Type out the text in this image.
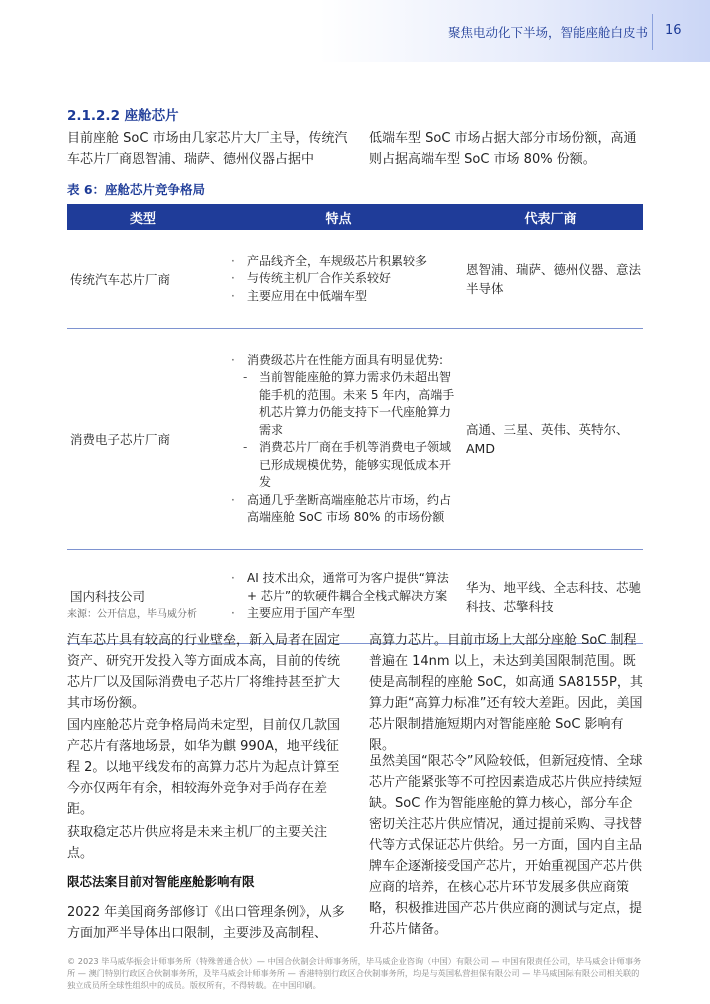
聚焦电动化下半场，智能座舱白皮书 16
2.1.2.2 座舱芯片

目前座舱 SoC 市场由几家芯片大厂主导，传统汽车芯片厂商恩智浦、瑞萨、德州仪器占据中

低端车型 SoC 市场占据大部分市场份额，高通则占据高端车型 SoC 市场 80% 份额。

表 6：座舱芯片竞争格局
类型	特点	代表厂商
传统汽车芯片厂商
· 产品线齐全，车规级芯片积累较多
· 与传统主机厂合作关系较好
· 主要应用在中低端车型
恩智浦、瑞萨、德州仪器、意法半导体
消费电子芯片厂商
· 消费级芯片在性能方面具有明显优势:
- 当前智能座舱的算力需求仍未超出智能手机的范围。未来 5 年内，高端手机芯片算力仍能支持下一代座舱算力需求
- 消费芯片厂商在手机等消费电子领域已形成规模优势，能够实现低成本开发
· 高通几乎垄断高端座舱芯片市场，约占高端座舱 SoC 市场 80% 的市场份额
高通、三星、英伟、英特尔、AMD
国内科技公司
· AI 技术出众，通常可为客户提供“算法 + 芯片”的软硬件耦合全栈式解决方案
· 主要应用于国产车型
华为、地平线、全志科技、芯驰科技、芯擎科技
来源：公开信息，毕马威分析

汽车芯片具有较高的行业壁垒，新入局者在固定资产、研究开发投入等方面成本高，目前的传统芯片厂以及国际消费电子芯片厂将维持甚至扩大其市场份额。

国内座舱芯片竞争格局尚未定型，目前仅几款国产芯片有落地场景，如华为麒 990A，地平线征程 2。以地平线发布的高算力芯片为起点计算至今亦仅两年有余，相较海外竞争对手尚存在差距。

获取稳定芯片供应将是未来主机厂的主要关注点。

限芯法案目前对智能座舱影响有限

2022 年美国商务部修订《出口管理条例》，从多方面加严半导体出口限制，主要涉及高制程、

高算力芯片。目前市场上大部分座舱 SoC 制程普遍在 14nm 以上，未达到美国限制范围。既使是高制程的座舱 SoC，如高通 SA8155P，其算力距“高算力标准”还有较大差距。因此，美国芯片限制措施短期内对智能座舱 SoC 影响有限。

虽然美国“限芯令”风险较低，但新冠疫情、全球芯片产能紧张等不可控因素造成芯片供应持续短缺。SoC 作为智能座舱的算力核心，部分车企密切关注芯片供应情况，通过提前采购、寻找替代等方式保证芯片供给。另一方面，国内自主品牌车企逐渐接受国产芯片，开始重视国产芯片供应商的培养，在核心芯片环节发展多供应商策略，积极推进国产芯片供应商的测试与定点，提升芯片储备。

© 2023 毕马威华振会计师事务所（特殊普通合伙）— 中国合伙制会计师事务所，毕马威企业咨询（中国）有限公司 — 中国有限责任公司，毕马威会计师事务所 — 澳门特别行政区合伙制事务所，及毕马威会计师事务所 — 香港特别行政区合伙制事务所，均是与英国私营担保有限公司 — 毕马威国际有限公司相关联的独立成员所全球性组织中的成员。版权所有，不得转载。在中国印刷。
